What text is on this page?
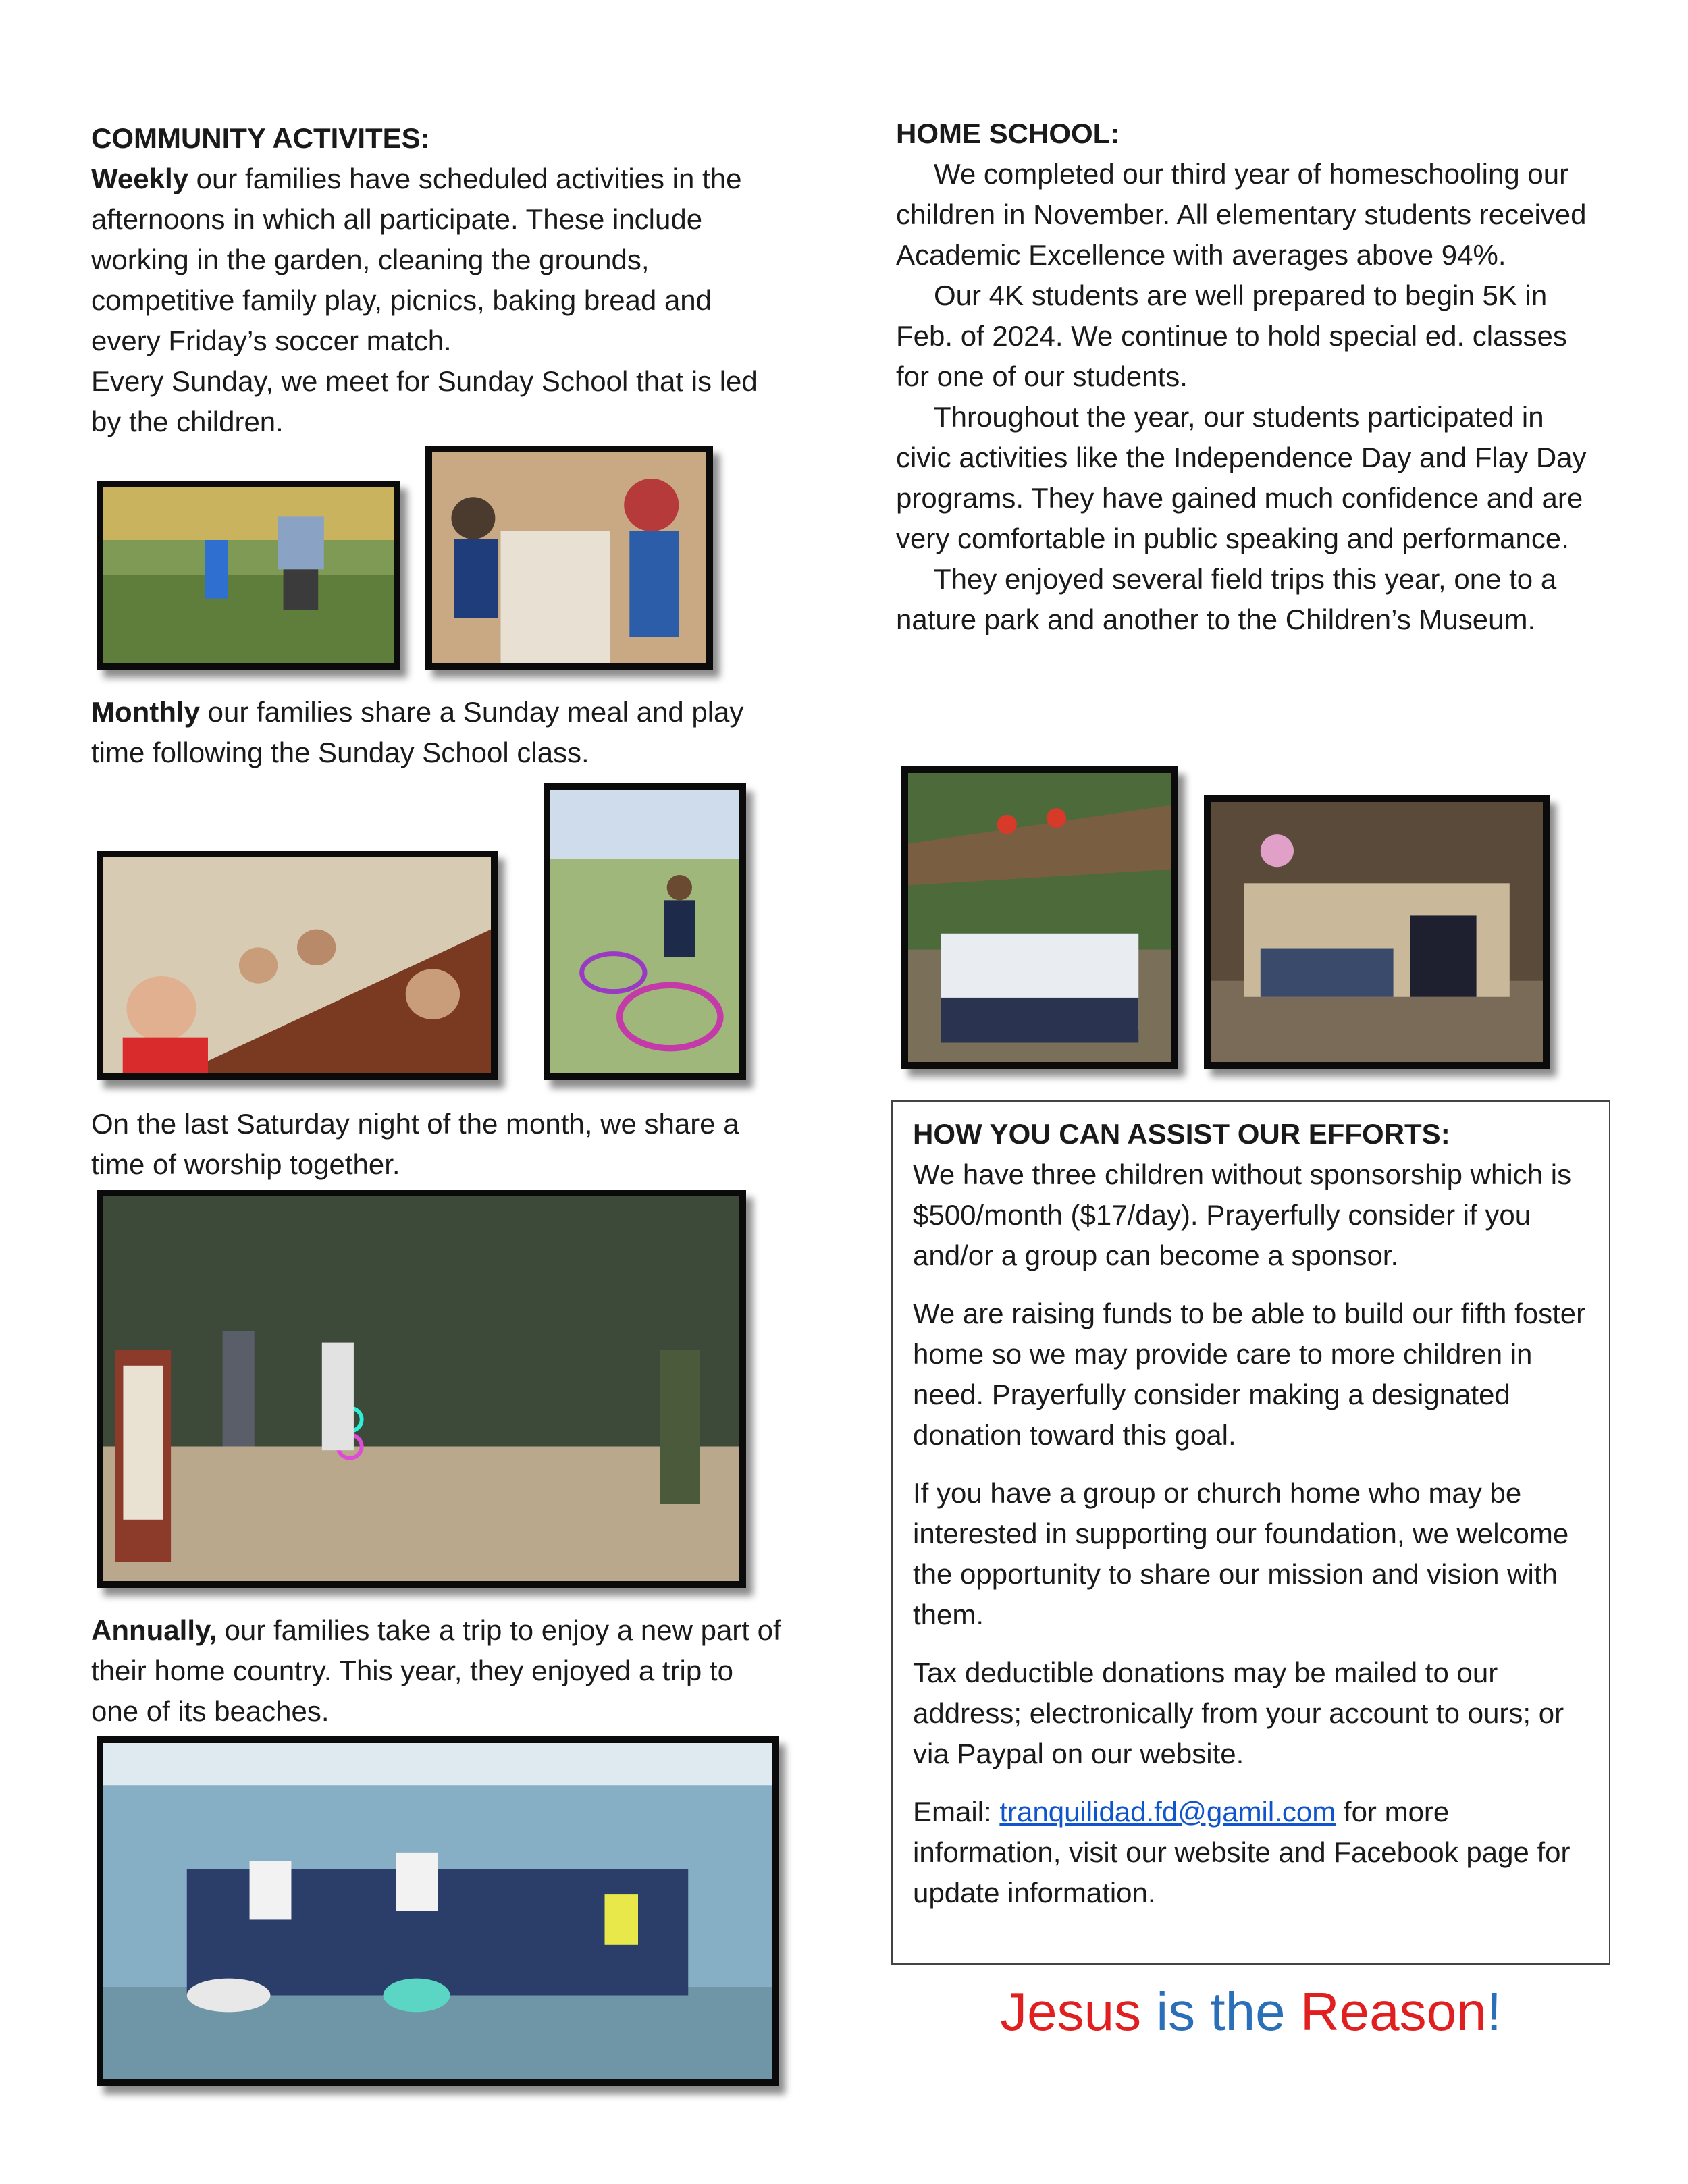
COMMUNITY ACTIVITES:

Weekly our families have scheduled activities in the afternoons in which all participate. These include working in the garden, cleaning the grounds, competitive family play, picnics, baking bread and every Friday’s soccer match.

Every Sunday, we meet for Sunday School that is led by the children.

Monthly our families share a Sunday meal and play time following the Sunday School class.

On the last Saturday night of the month, we share a time of worship together.

Annually, our families take a trip to enjoy a new part of their home country. This year, they enjoyed a trip to one of its beaches.

HOME SCHOOL:

We completed our third year of homeschooling our children in November. All elementary students received Academic Excellence with averages above 94%.

Our 4K students are well prepared to begin 5K in Feb. of 2024. We continue to hold special ed. classes for one of our students.

Throughout the year, our students participated in civic activities like the Independence Day and Flay Day programs. They have gained much confidence and are very comfortable in public speaking and performance.

They enjoyed several field trips this year, one to a nature park and another to the Children’s Museum.

HOW YOU CAN ASSIST OUR EFFORTS:

We have three children without sponsorship which is $500/month ($17/day). Prayerfully consider if you and/or a group can become a sponsor.

We are raising funds to be able to build our fifth foster home so we may provide care to more children in need. Prayerfully consider making a designated donation toward this goal.

If you have a group or church home who may be interested in supporting our foundation, we welcome the opportunity to share our mission and vision with them.

Tax deductible donations may be mailed to our address; electronically from your account to ours; or via Paypal on our website.

Email: tranquilidad.fd@gamil.com for more information, visit our website and Facebook page for update information.

Jesus is the Reason!
